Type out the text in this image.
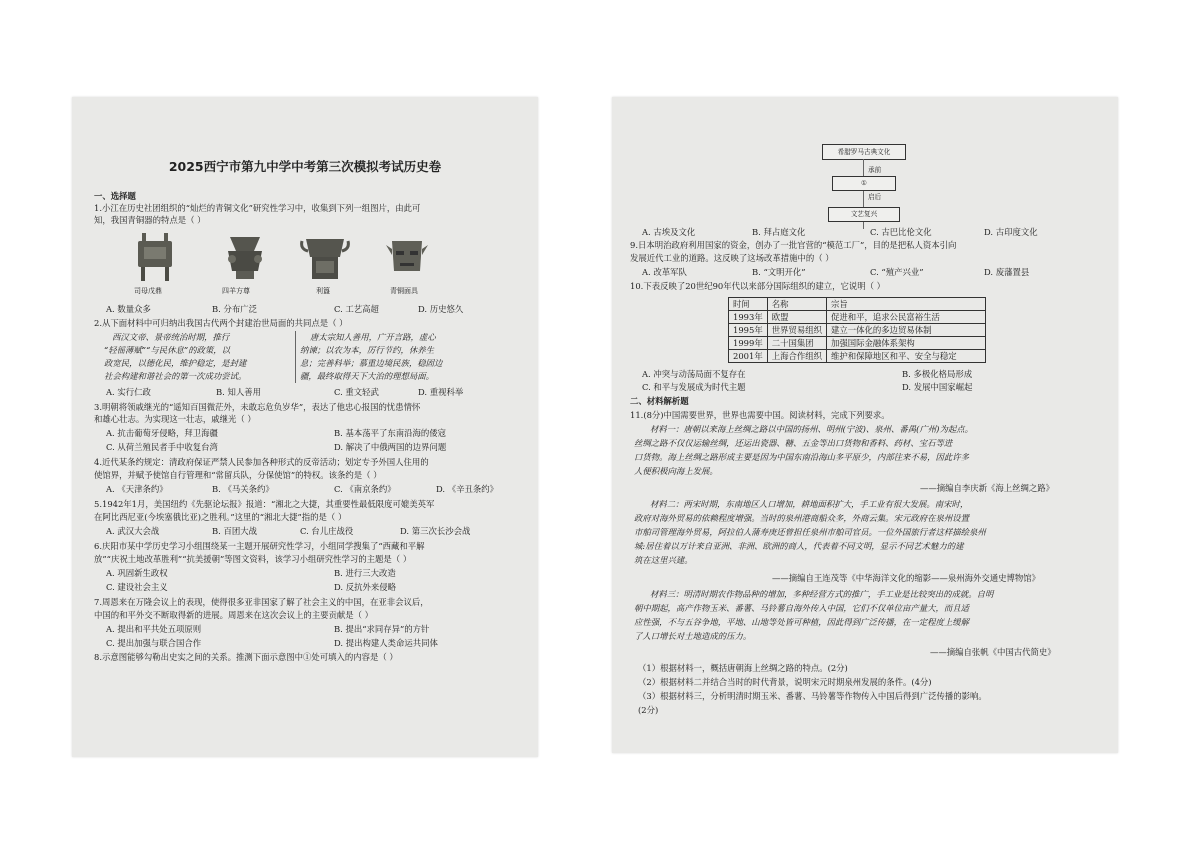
2025西宁市第九中学中考第三次模拟考试历史卷
一、选择题
1.小江在历史社团组织的“灿烂的青铜文化”研究性学习中，收集到下列一组图片，由此可
知，我国青铜器的特点是（ ）
司母戊鼎	四羊方尊	利簋	青铜面具
A. 数量众多	B. 分布广泛	C. 工艺高超	D. 历史悠久
2.从下面材料中可归纳出我国古代两个封建治世局面的共同点是（ ）
西汉文帝、景帝统治时期，推行
“轻徭薄赋”“与民休息”的政策，以
政宽民，以德化民，维护稳定，是封建
社会构建和谐社会的第一次成功尝试。
唐太宗知人善用，广开言路，虚心
纳谏；以农为本，厉行节约，休养生
息；完善科举；慕重边境民族，稳固边
疆，最终取得天下大治的理想局面。
A. 实行仁政	B. 知人善用	C. 重文轻武	D. 重视科举
3.明朝将领戚继光的“遥知百国微茫外，未敢忘危负岁华”，表达了他忠心报国的忧患情怀
和雄心壮志。为实现这一壮志，戚继光（ ）
A. 抗击葡萄牙侵略，拜卫海疆	B. 基本荡平了东南沿海的倭寇
C. 从荷兰殖民者手中收复台湾	D. 解决了中俄两国的边界问题
4.近代某条约规定：清政府保证严禁人民参加各种形式的反帝活动；划定专予外国人住用的
使馆界，并赋予使馆自行管理和“常留兵队，分保使馆”的特权。该条约是（ ）
A. 《天津条约》	B. 《马关条约》	C. 《南京条约》	D. 《辛丑条约》
5.1942年1月，美国纽约《先驱论坛报》报道：“湘北之大捷，其重要性最低限度可媲美英军
在阿比西尼亚(今埃塞俄比亚)之胜利。”这里的“湘北大捷”指的是（ ）
A. 武汉大会战	B. 百团大战	C. 台儿庄战役	D. 第三次长沙会战
6.庆阳市某中学历史学习小组围绕某一主题开展研究性学习，小组同学搜集了“西藏和平解
放”“庆祝土地改革胜利”“抗美援朝”等图文资料，该学习小组研究性学习的主题是（ ）
A. 巩固新生政权	B. 进行三大改造
C. 建设社会主义	D. 反抗外来侵略
7.周恩来在万隆会议上的表现，使得很多亚非国家了解了社会主义的中国，在亚非会议后，
中国的和平外交不断取得新的进展。周恩来在这次会议上的主要贡献是（ ）
A. 提出和平共处五项原则	B. 提出“求同存异”的方针
C. 提出加强与联合国合作	D. 提出构建人类命运共同体
8.示意图能够勾勒出史实之间的关系。推测下面示意图中①处可填入的内容是（ ）
希腊罗马古典文化
承前
①
启后
文艺复兴
A. 古埃及文化	B. 拜占庭文化	C. 古巴比伦文化	D. 古印度文化
9.日本明治政府利用国家的资金，创办了一批官营的“模范工厂”，目的是把私人资本引向
发展近代工业的道路。这反映了这场改革措施中的（ ）
A. 改革军队	B. “文明开化”	C. “殖产兴业”	D. 废藩置县
10.下表反映了20世纪90年代以来部分国际组织的建立，它说明（ ）
时间	名称	宗旨
1993年	欧盟	促进和平，追求公民富裕生活
1995年	世界贸易组织	建立一体化的多边贸易体制
1999年	二十国集团	加强国际金融体系架构
2001年	上海合作组织	维护和保障地区和平、安全与稳定
A. 冲突与动荡局面不复存在	B. 多极化格局形成
C. 和平与发展成为时代主题	D. 发展中国家崛起
二、材料解析题
11.(8分)中国需要世界，世界也需要中国。阅读材料，完成下列要求。
材料一：唐朝以来海上丝绸之路以中国的扬州、明州(宁波)、泉州、番禺(广州)为起点。
丝绸之路不仅仅运输丝绸，还运出瓷器、糖、五金等出口货物和香料、药材、宝石等进
口货物。海上丝绸之路形成主要是因为中国东南沿海山多平原少，内部往来不易，因此许多
人便积极向海上发展。
——摘编自李庆新《海上丝绸之路》
材料二：两宋时期，东南地区人口增加，耕地面积扩大，手工业有很大发展。南宋时，
政府对海外贸易的依赖程度增强。当时的泉州港商船众多，外商云集。宋元政府在泉州设置
市舶司管理海外贸易，阿拉伯人蒲寿庚还曾担任泉州市舶司官员。一位外国旅行者这样描绘泉州
城:居住着以万计来自亚洲、非洲、欧洲的商人，代表着不同文明，显示不同艺术魅力的建
筑在这里兴建。
——摘编自王连茂等《中华海洋文化的缩影——泉州海外交通史博物馆》
材料三：明清时期农作物品种的增加，多种经营方式的推广，手工业是比较突出的成就。自明
朝中期起，高产作物玉米、番薯、马铃薯自海外传入中国，它们不仅单位亩产量大，而且适
应性强，不与五谷争地，平地、山地等处皆可种植，因此得到广泛传播，在一定程度上缓解
了人口增长对土地造成的压力。
——摘编自张帆《中国古代简史》
（1）根据材料一，概括唐朝海上丝绸之路的特点。(2分)
（2）根据材料二并结合当时的时代背景，说明宋元时期泉州发展的条件。(4分)
（3）根据材料三，分析明清时期玉米、番薯、马铃薯等作物传入中国后得到广泛传播的影响。
(2分)
